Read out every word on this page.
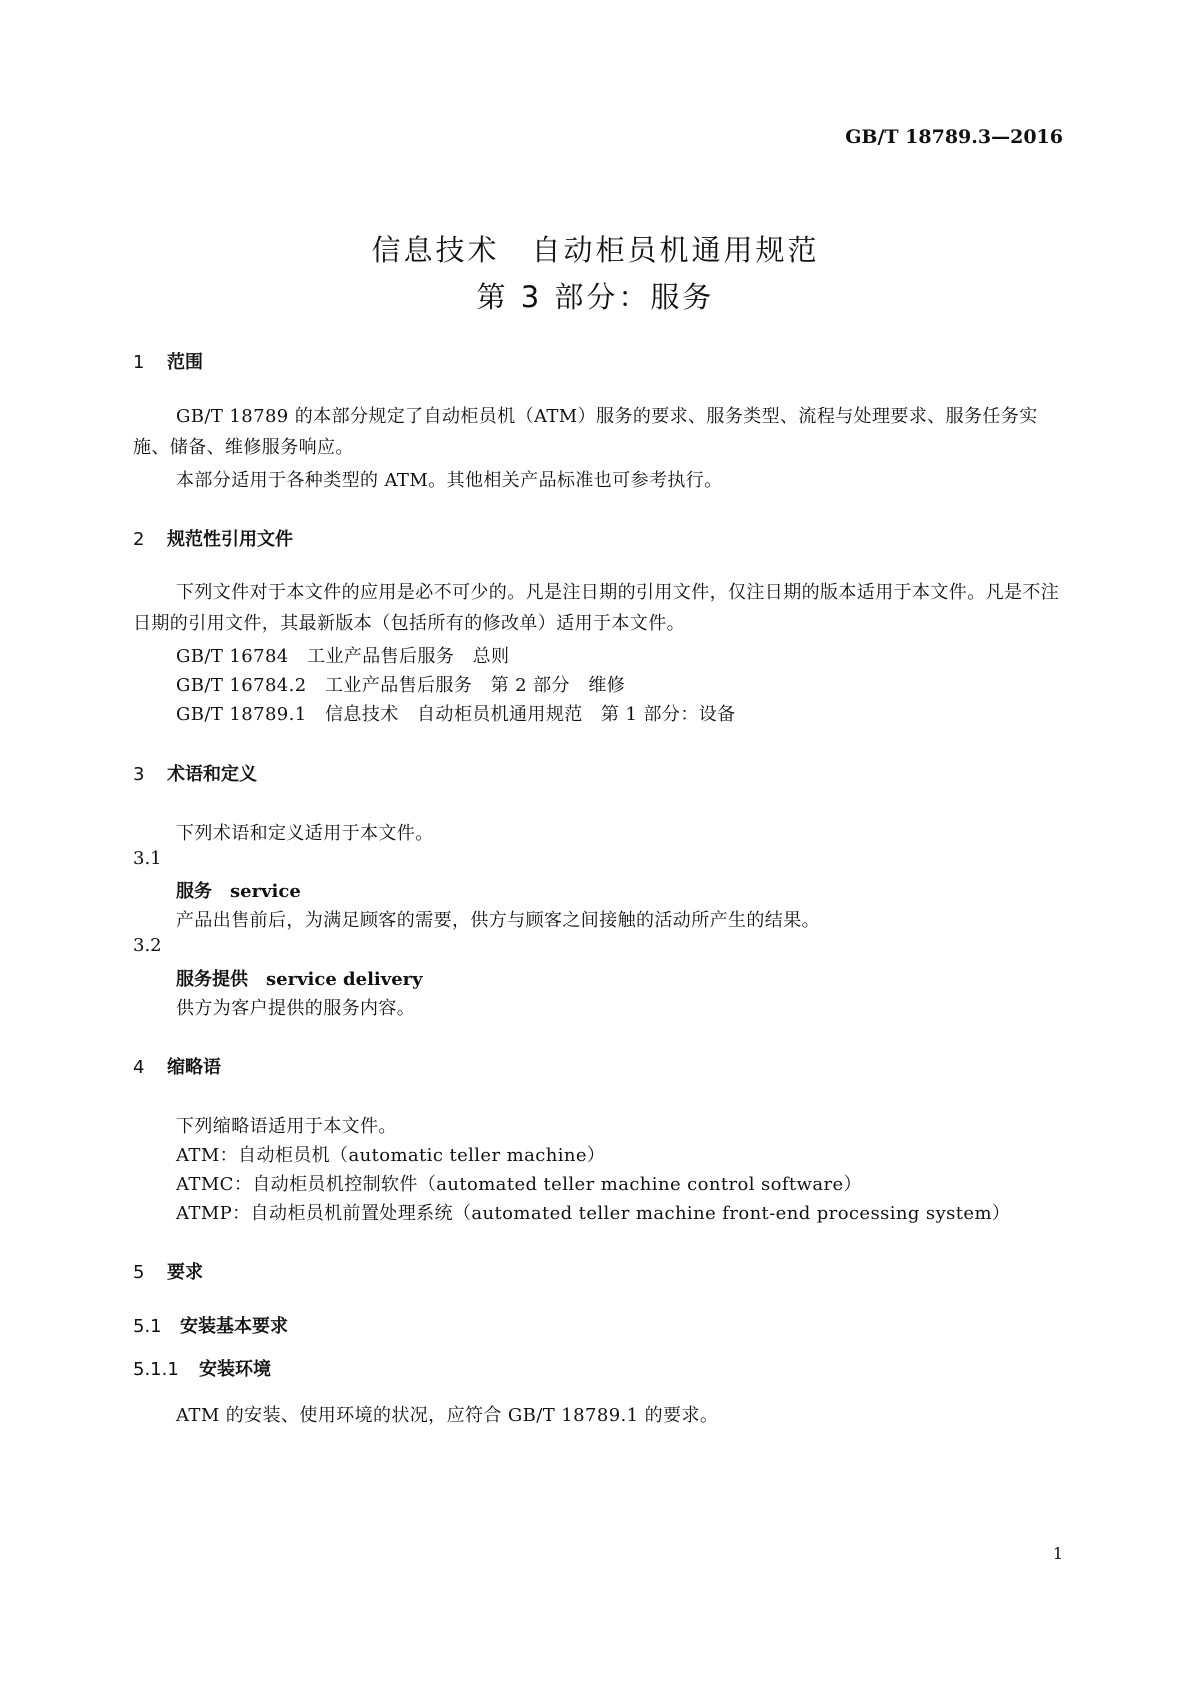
GB/T 18789.3—2016
信息技术　自动柜员机通用规范
第 3 部分：服务
1 范围
GB/T 18789 的本部分规定了自动柜员机（ATM）服务的要求、服务类型、流程与处理要求、服务任务实施、储备、维修服务响应。
本部分适用于各种类型的 ATM。其他相关产品标准也可参考执行。
2 规范性引用文件
下列文件对于本文件的应用是必不可少的。凡是注日期的引用文件，仅注日期的版本适用于本文件。凡是不注日期的引用文件，其最新版本（包括所有的修改单）适用于本文件。
GB/T 16784　工业产品售后服务　总则
GB/T 16784.2　工业产品售后服务　第 2 部分　维修
GB/T 18789.1　信息技术　自动柜员机通用规范　第 1 部分：设备
3 术语和定义
下列术语和定义适用于本文件。
3.1
服务　 service
产品出售前后，为满足顾客的需要，供方与顾客之间接触的活动所产生的结果。
3.2
服务提供　 service delivery
供方为客户提供的服务内容。
4 缩略语
下列缩略语适用于本文件。
ATM：自动柜员机（automatic teller machine）
ATMC：自动柜员机控制软件（automated teller machine control software）
ATMP：自动柜员机前置处理系统（automated teller machine front-end processing system）
5 要求
5.1 安装基本要求
5.1.1 安装环境
ATM 的安装、使用环境的状况，应符合 GB/T 18789.1 的要求。
1
